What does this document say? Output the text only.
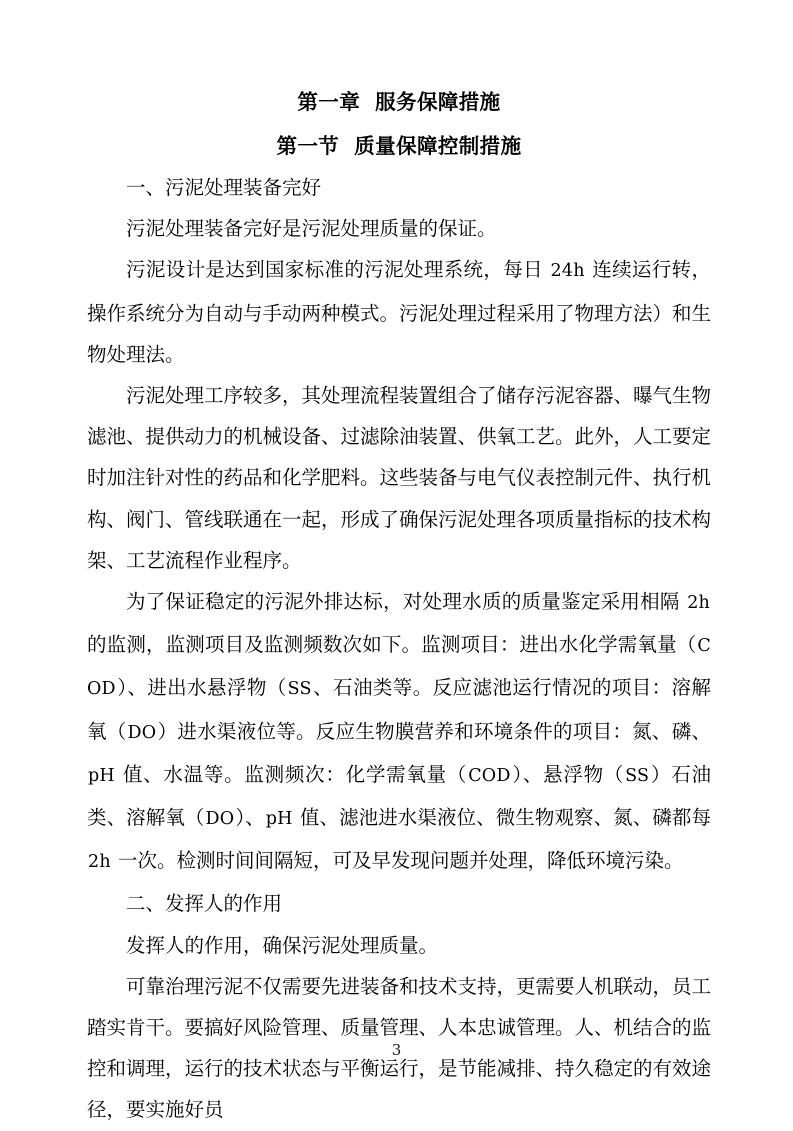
第一章  服务保障措施

第一节  质量保障控制措施

一、污泥处理装备完好

污泥处理装备完好是污泥处理质量的保证。

污泥设计是达到国家标准的污泥处理系统，每日 24h 连续运行转，操作系统分为自动与手动两种模式。污泥处理过程采用了物理方法）和生物处理法。

污泥处理工序较多，其处理流程装置组合了储存污泥容器、曝气生物滤池、提供动力的机械设备、过滤除油装置、供氧工艺。此外，人工要定时加注针对性的药品和化学肥料。这些装备与电气仪表控制元件、执行机构、阀门、管线联通在一起，形成了确保污泥处理各项质量指标的技术构架、工艺流程作业程序。

为了保证稳定的污泥外排达标，对处理水质的质量鉴定采用相隔 2h 的监测，监测项目及监测频数次如下。监测项目：进出水化学需氧量（COD）、进出水悬浮物（SS、石油类等。反应滤池运行情况的项目：溶解氧（DO）进水渠液位等。反应生物膜营养和环境条件的项目：氮、磷、pH 值、水温等。监测频次：化学需氧量（COD）、悬浮物（SS）石油类、溶解氧（DO）、pH 值、滤池进水渠液位、微生物观察、氮、磷都每 2h 一次。检测时间间隔短，可及早发现问题并处理，降低环境污染。

二、发挥人的作用

发挥人的作用，确保污泥处理质量。

可靠治理污泥不仅需要先进装备和技术支持，更需要人机联动，员工踏实肯干。要搞好风险管理、质量管理、人本忠诚管理。人、机结合的监控和调理，运行的技术状态与平衡运行，是节能减排、持久稳定的有效途径，要实施好员

3
